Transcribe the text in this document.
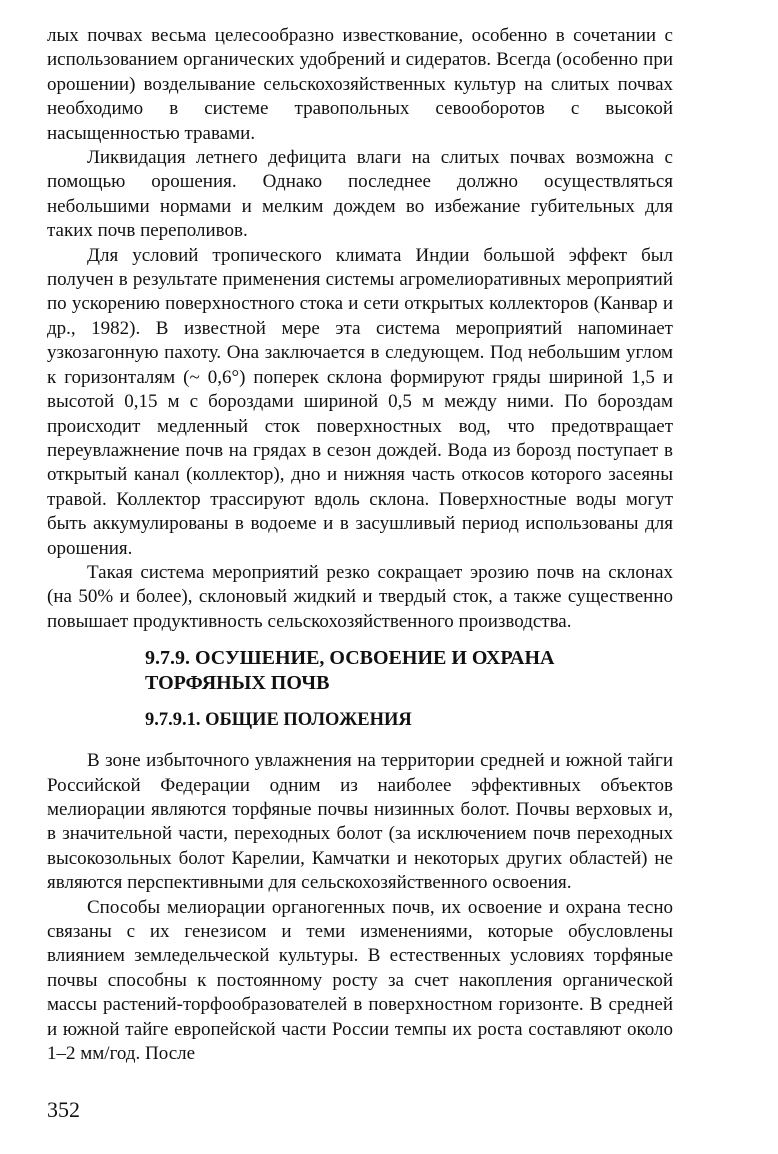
лых почвах весьма целесообразно известкование, особенно в сочетании с использованием органических удобрений и сидератов. Всегда (особенно при орошении) возделывание сельскохозяйственных культур на слитых почвах необходимо в системе травопольных севооборотов с высокой насыщенностью травами.

Ликвидация летнего дефицита влаги на слитых почвах возможна с помощью орошения. Однако последнее должно осуществляться небольшими нормами и мелким дождем во избежание губительных для таких почв переполивов.

Для условий тропического климата Индии большой эффект был получен в результате применения системы агромелиоративных мероприятий по ускорению поверхностного стока и сети открытых коллекторов (Канвар и др., 1982). В известной мере эта система мероприятий напоминает узкозагонную пахоту. Она заключается в следующем. Под небольшим углом к горизонталям (~ 0,6°) поперек склона формируют гряды шириной 1,5 и высотой 0,15 м с бороздами шириной 0,5 м между ними. По бороздам происходит медленный сток поверхностных вод, что предотвращает переувлажнение почв на грядах в сезон дождей. Вода из борозд поступает в открытый канал (коллектор), дно и нижняя часть откосов которого засеяны травой. Коллектор трассируют вдоль склона. Поверхностные воды могут быть аккумулированы в водоеме и в засушливый период использованы для орошения.

Такая система мероприятий резко сокращает эрозию почв на склонах (на 50% и более), склоновый жидкий и твердый сток, а также существенно повышает продуктивность сельскохозяйственного производства.

9.7.9. ОСУШЕНИЕ, ОСВОЕНИЕ И ОХРАНА ТОРФЯНЫХ ПОЧВ
9.7.9.1. ОБЩИЕ ПОЛОЖЕНИЯ

В зоне избыточного увлажнения на территории средней и южной тайги Российской Федерации одним из наиболее эффективных объектов мелиорации являются торфяные почвы низинных болот. Почвы верховых и, в значительной части, переходных болот (за исключением почв переходных высокозольных болот Карелии, Камчатки и некоторых других областей) не являются перспективными для сельскохозяйственного освоения.

Способы мелиорации органогенных почв, их освоение и охрана тесно связаны с их генезисом и теми изменениями, которые обусловлены влиянием земледельческой культуры. В естественных условиях торфяные почвы способны к постоянному росту за счет накопления органической массы растений-торфообразователей в поверхностном горизонте. В средней и южной тайге европейской части России темпы их роста составляют около 1–2 мм/год. После

352
